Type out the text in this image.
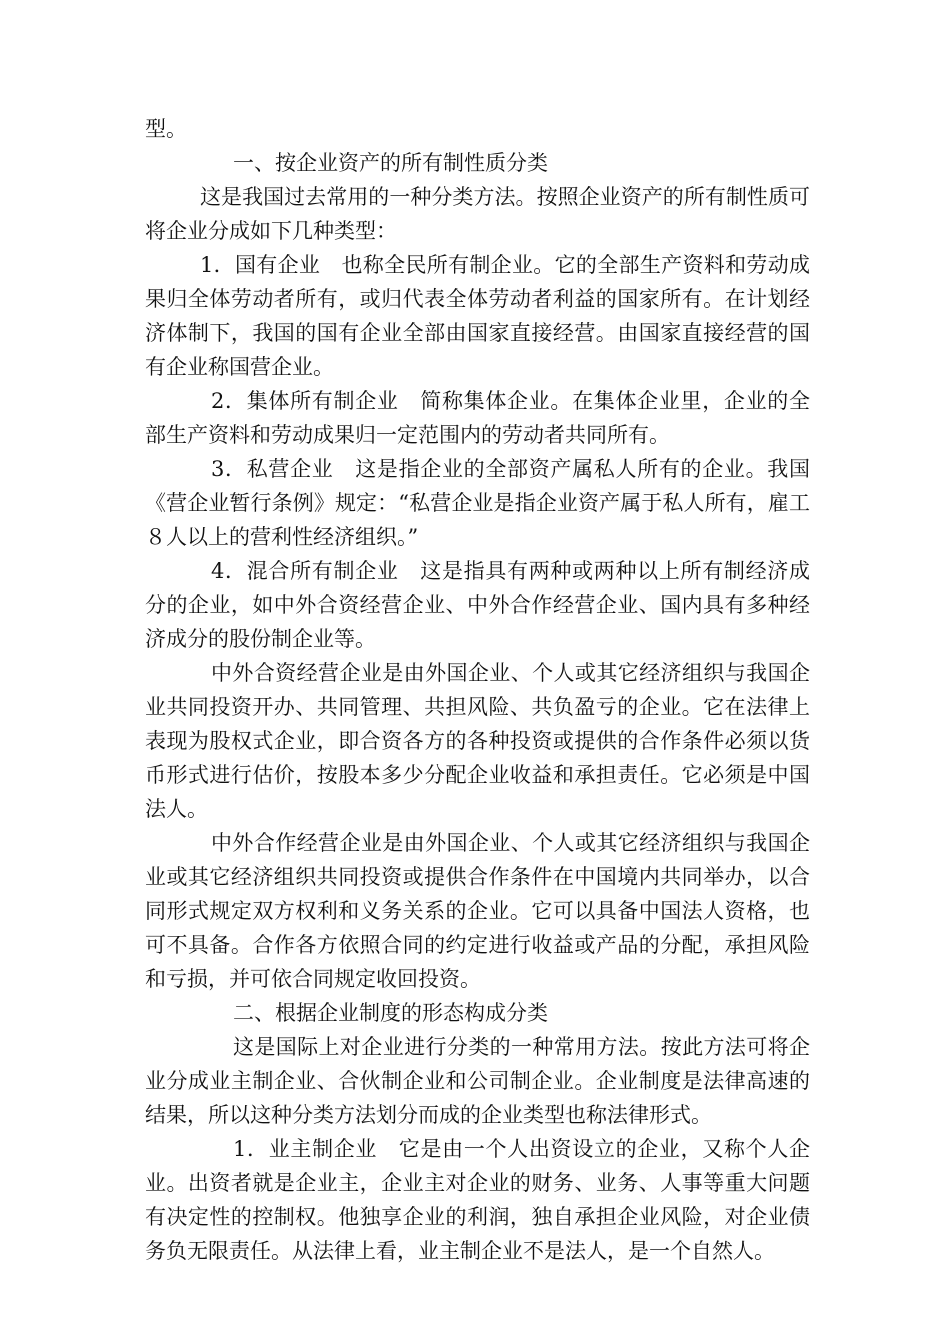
型。

一、按企业资产的所有制性质分类

这是我国过去常用的一种分类方法。按照企业资产的所有制性质可将企业分成如下几种类型：

1．国有企业　也称全民所有制企业。它的全部生产资料和劳动成果归全体劳动者所有，或归代表全体劳动者利益的国家所有。在计划经济体制下，我国的国有企业全部由国家直接经营。由国家直接经营的国有企业称国营企业。

2．集体所有制企业　简称集体企业。在集体企业里，企业的全部生产资料和劳动成果归一定范围内的劳动者共同所有。

3．私营企业　这是指企业的全部资产属私人所有的企业。我国《营企业暂行条例》规定：“私营企业是指企业资产属于私人所有，雇工８人以上的营利性经济组织。”

4．混合所有制企业　这是指具有两种或两种以上所有制经济成分的企业，如中外合资经营企业、中外合作经营企业、国内具有多种经济成分的股份制企业等。

中外合资经营企业是由外国企业、个人或其它经济组织与我国企业共同投资开办、共同管理、共担风险、共负盈亏的企业。它在法律上表现为股权式企业，即合资各方的各种投资或提供的合作条件必须以货币形式进行估价，按股本多少分配企业收益和承担责任。它必须是中国法人。

中外合作经营企业是由外国企业、个人或其它经济组织与我国企业或其它经济组织共同投资或提供合作条件在中国境内共同举办，以合同形式规定双方权利和义务关系的企业。它可以具备中国法人资格，也可不具备。合作各方依照合同的约定进行收益或产品的分配，承担风险和亏损，并可依合同规定收回投资。

二、根据企业制度的形态构成分类

这是国际上对企业进行分类的一种常用方法。按此方法可将企业分成业主制企业、合伙制企业和公司制企业。企业制度是法律高速的结果，所以这种分类方法划分而成的企业类型也称法律形式。

1．业主制企业　它是由一个人出资设立的企业，又称个人企业。出资者就是企业主，企业主对企业的财务、业务、人事等重大问题有决定性的控制权。他独享企业的利润，独自承担企业风险，对企业债务负无限责任。从法律上看，业主制企业不是法人，是一个自然人。
